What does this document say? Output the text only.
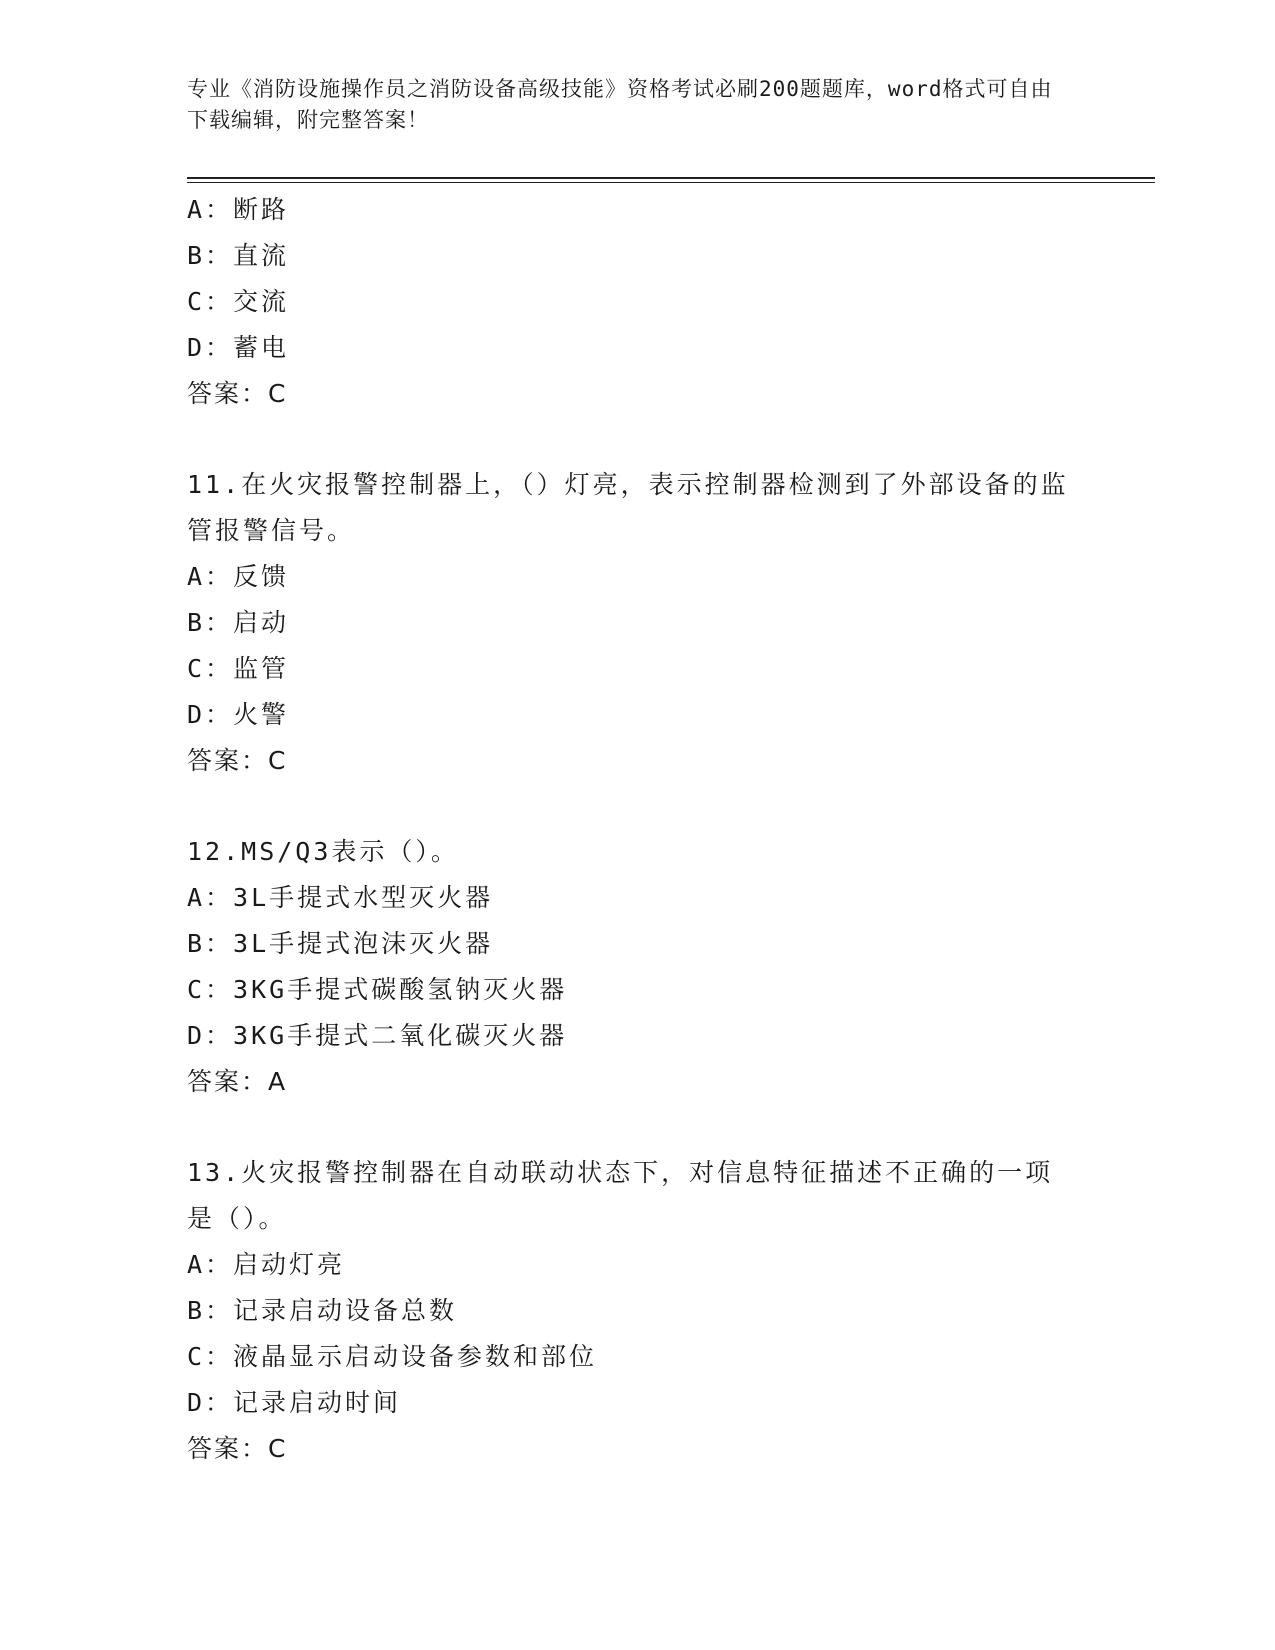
专业《消防设施操作员之消防设备高级技能》资格考试必刷200题题库，word格式可自由下载编辑，附完整答案！
A：断路
B：直流
C：交流
D：蓄电
答案：C
11.在火灾报警控制器上，（）灯亮，表示控制器检测到了外部设备的监管报警信号。
A：反馈
B：启动
C：监管
D：火警
答案：C
12.MS/Q3表示（）。
A：3L手提式水型灭火器
B：3L手提式泡沫灭火器
C：3KG手提式碳酸氢钠灭火器
D：3KG手提式二氧化碳灭火器
答案：A
13.火灾报警控制器在自动联动状态下，对信息特征描述不正确的一项是（）。
A：启动灯亮
B：记录启动设备总数
C：液晶显示启动设备参数和部位
D：记录启动时间
答案：C
